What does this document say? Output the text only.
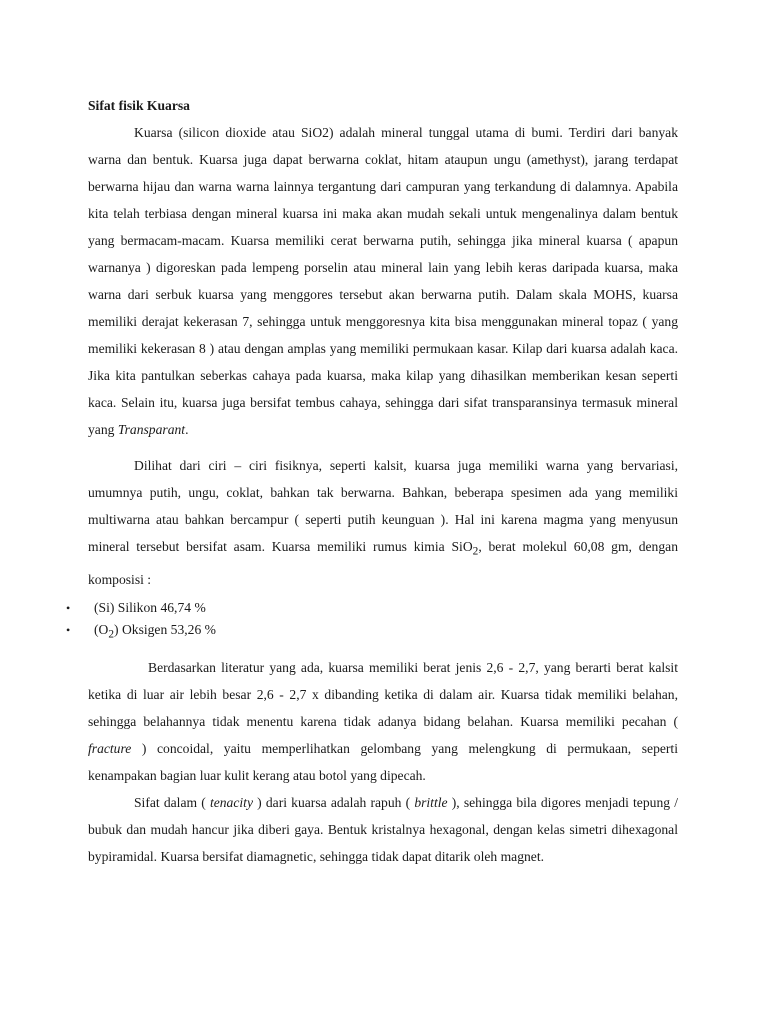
Sifat fisik Kuarsa

Kuarsa (silicon dioxide atau SiO2) adalah mineral tunggal utama di bumi. Terdiri dari banyak warna dan bentuk. Kuarsa juga dapat berwarna coklat, hitam ataupun ungu (amethyst), jarang terdapat berwarna hijau dan warna warna lainnya tergantung dari campuran yang terkandung di dalamnya. Apabila kita telah terbiasa dengan mineral kuarsa ini maka akan mudah sekali untuk mengenalinya dalam bentuk yang bermacam-macam. Kuarsa memiliki cerat berwarna putih, sehingga jika mineral kuarsa ( apapun warnanya ) digoreskan pada lempeng porselin atau mineral lain yang lebih keras daripada kuarsa, maka warna dari serbuk kuarsa yang menggores tersebut akan berwarna putih. Dalam skala MOHS, kuarsa memiliki derajat kekerasan 7, sehingga untuk menggoresnya kita bisa menggunakan mineral topaz ( yang memiliki kekerasan 8 ) atau dengan amplas yang memiliki permukaan kasar. Kilap dari kuarsa adalah kaca. Jika kita pantulkan seberkas cahaya pada kuarsa, maka kilap yang dihasilkan memberikan kesan seperti kaca. Selain itu, kuarsa juga bersifat tembus cahaya, sehingga dari sifat transparansinya termasuk mineral yang Transparant.

Dilihat dari ciri – ciri fisiknya, seperti kalsit, kuarsa juga memiliki warna yang bervariasi, umumnya putih, ungu, coklat, bahkan tak berwarna. Bahkan, beberapa spesimen ada yang memiliki multiwarna atau bahkan bercampur ( seperti putih keunguan ). Hal ini karena magma yang menyusun mineral tersebut bersifat asam. Kuarsa memiliki rumus kimia SiO$_2$, berat molekul 60,08 gm, dengan komposisi :

• (Si) Silikon 46,74 %
• $(O_2)$ Oksigen 53,26 %

Berdasarkan literatur yang ada, kuarsa memiliki berat jenis 2,6 - 2,7, yang berarti berat kalsit ketika di luar air lebih besar 2,6 - 2,7 x dibanding ketika di dalam air. Kuarsa tidak memiliki belahan, sehingga belahannya tidak menentu karena tidak adanya bidang belahan. Kuarsa memiliki pecahan ( fracture ) concoidal, yaitu memperlihatkan gelombang yang melengkung di permukaan, seperti kenampakan bagian luar kulit kerang atau botol yang dipecah.

Sifat dalam ( tenacity ) dari kuarsa adalah rapuh ( brittle ), sehingga bila digores menjadi tepung / bubuk dan mudah hancur jika diberi gaya. Bentuk kristalnya hexagonal, dengan kelas simetri dihexagonal bypiramidal. Kuarsa bersifat diamagnetic, sehingga tidak dapat ditarik oleh magnet.
